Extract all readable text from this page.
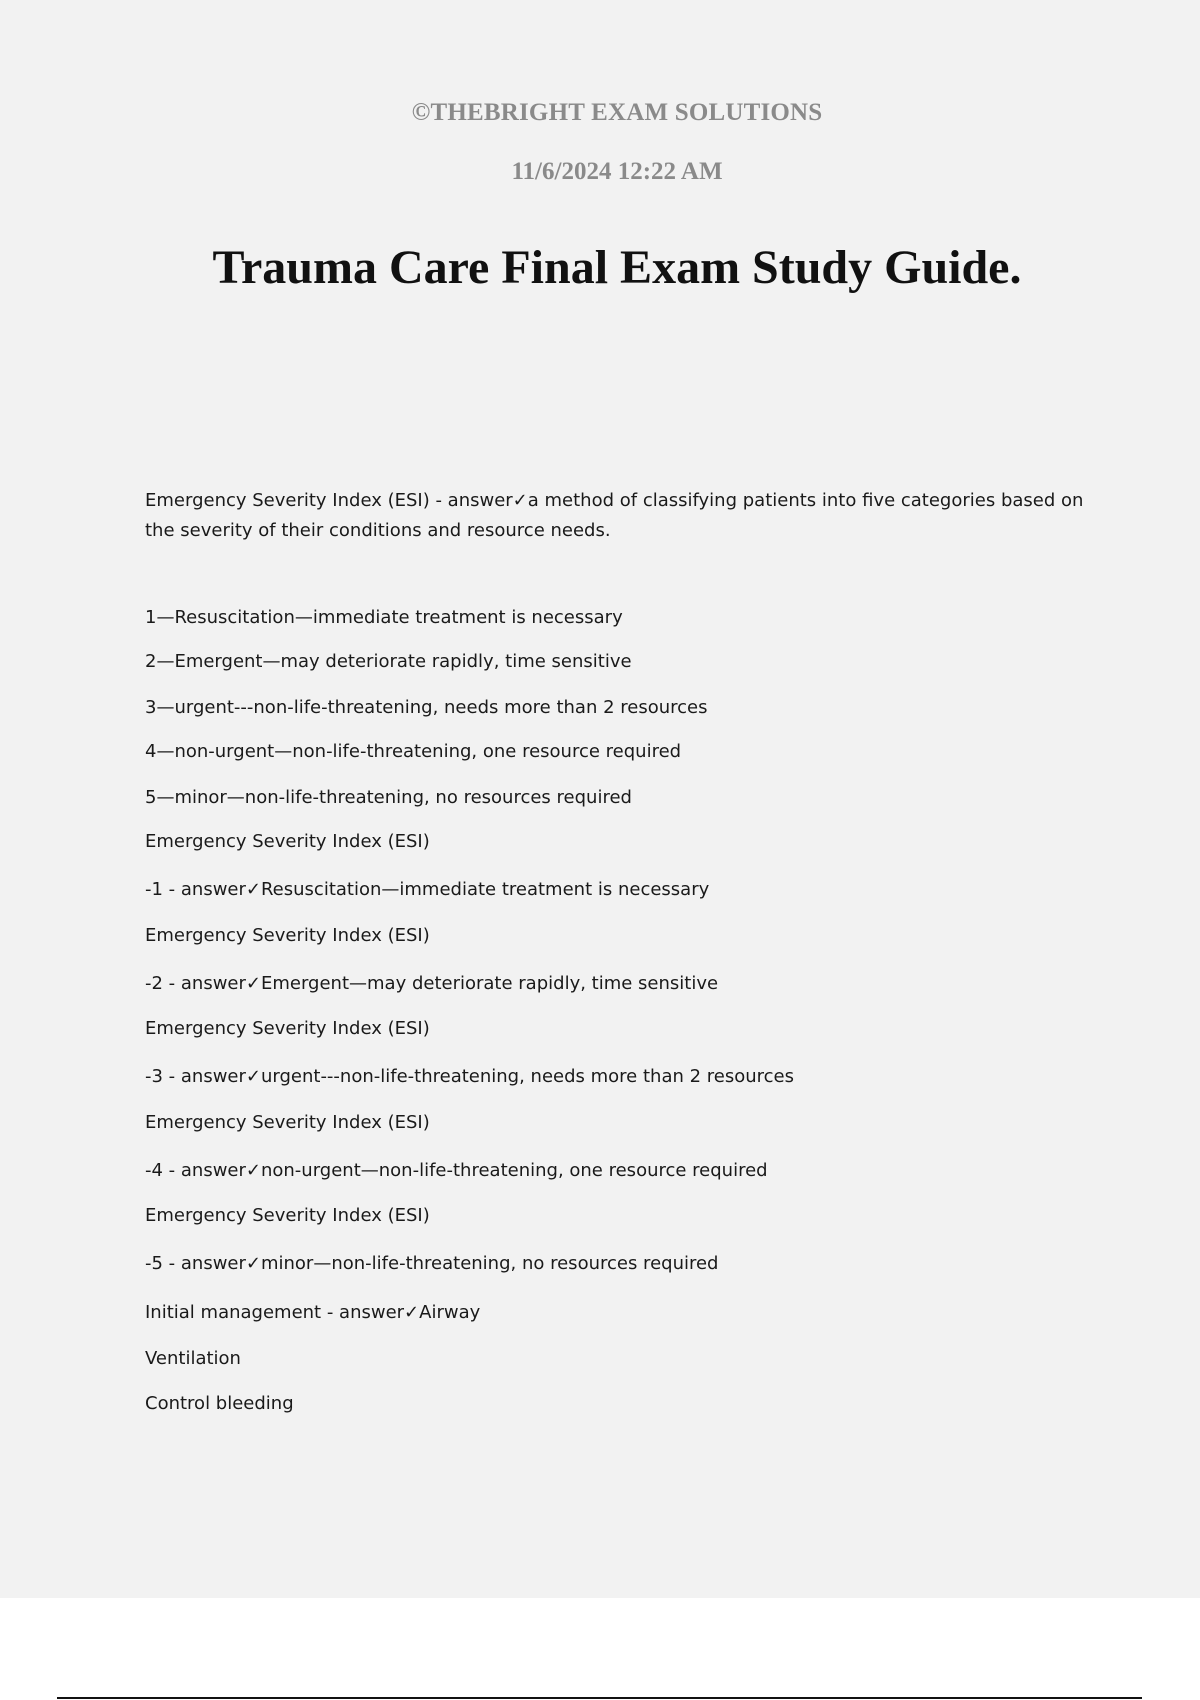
©THEBRIGHT EXAM SOLUTIONS
11/6/2024 12:22 AM
Trauma Care Final Exam Study Guide.

Emergency Severity Index (ESI) - answer✓a method of classifying patients into five categories based on the severity of their conditions and resource needs.

1—Resuscitation—immediate treatment is necessary

2—Emergent—may deteriorate rapidly, time sensitive

3—urgent---non-life-threatening, needs more than 2 resources

4—non-urgent—non-life-threatening, one resource required

5—minor—non-life-threatening, no resources required

Emergency Severity Index (ESI)

-1 - answer✓Resuscitation—immediate treatment is necessary

Emergency Severity Index (ESI)

-2 - answer✓Emergent—may deteriorate rapidly, time sensitive

Emergency Severity Index (ESI)

-3 - answer✓urgent---non-life-threatening, needs more than 2 resources

Emergency Severity Index (ESI)

-4 - answer✓non-urgent—non-life-threatening, one resource required

Emergency Severity Index (ESI)

-5 - answer✓minor—non-life-threatening, no resources required

Initial management - answer✓Airway

Ventilation

Control bleeding
